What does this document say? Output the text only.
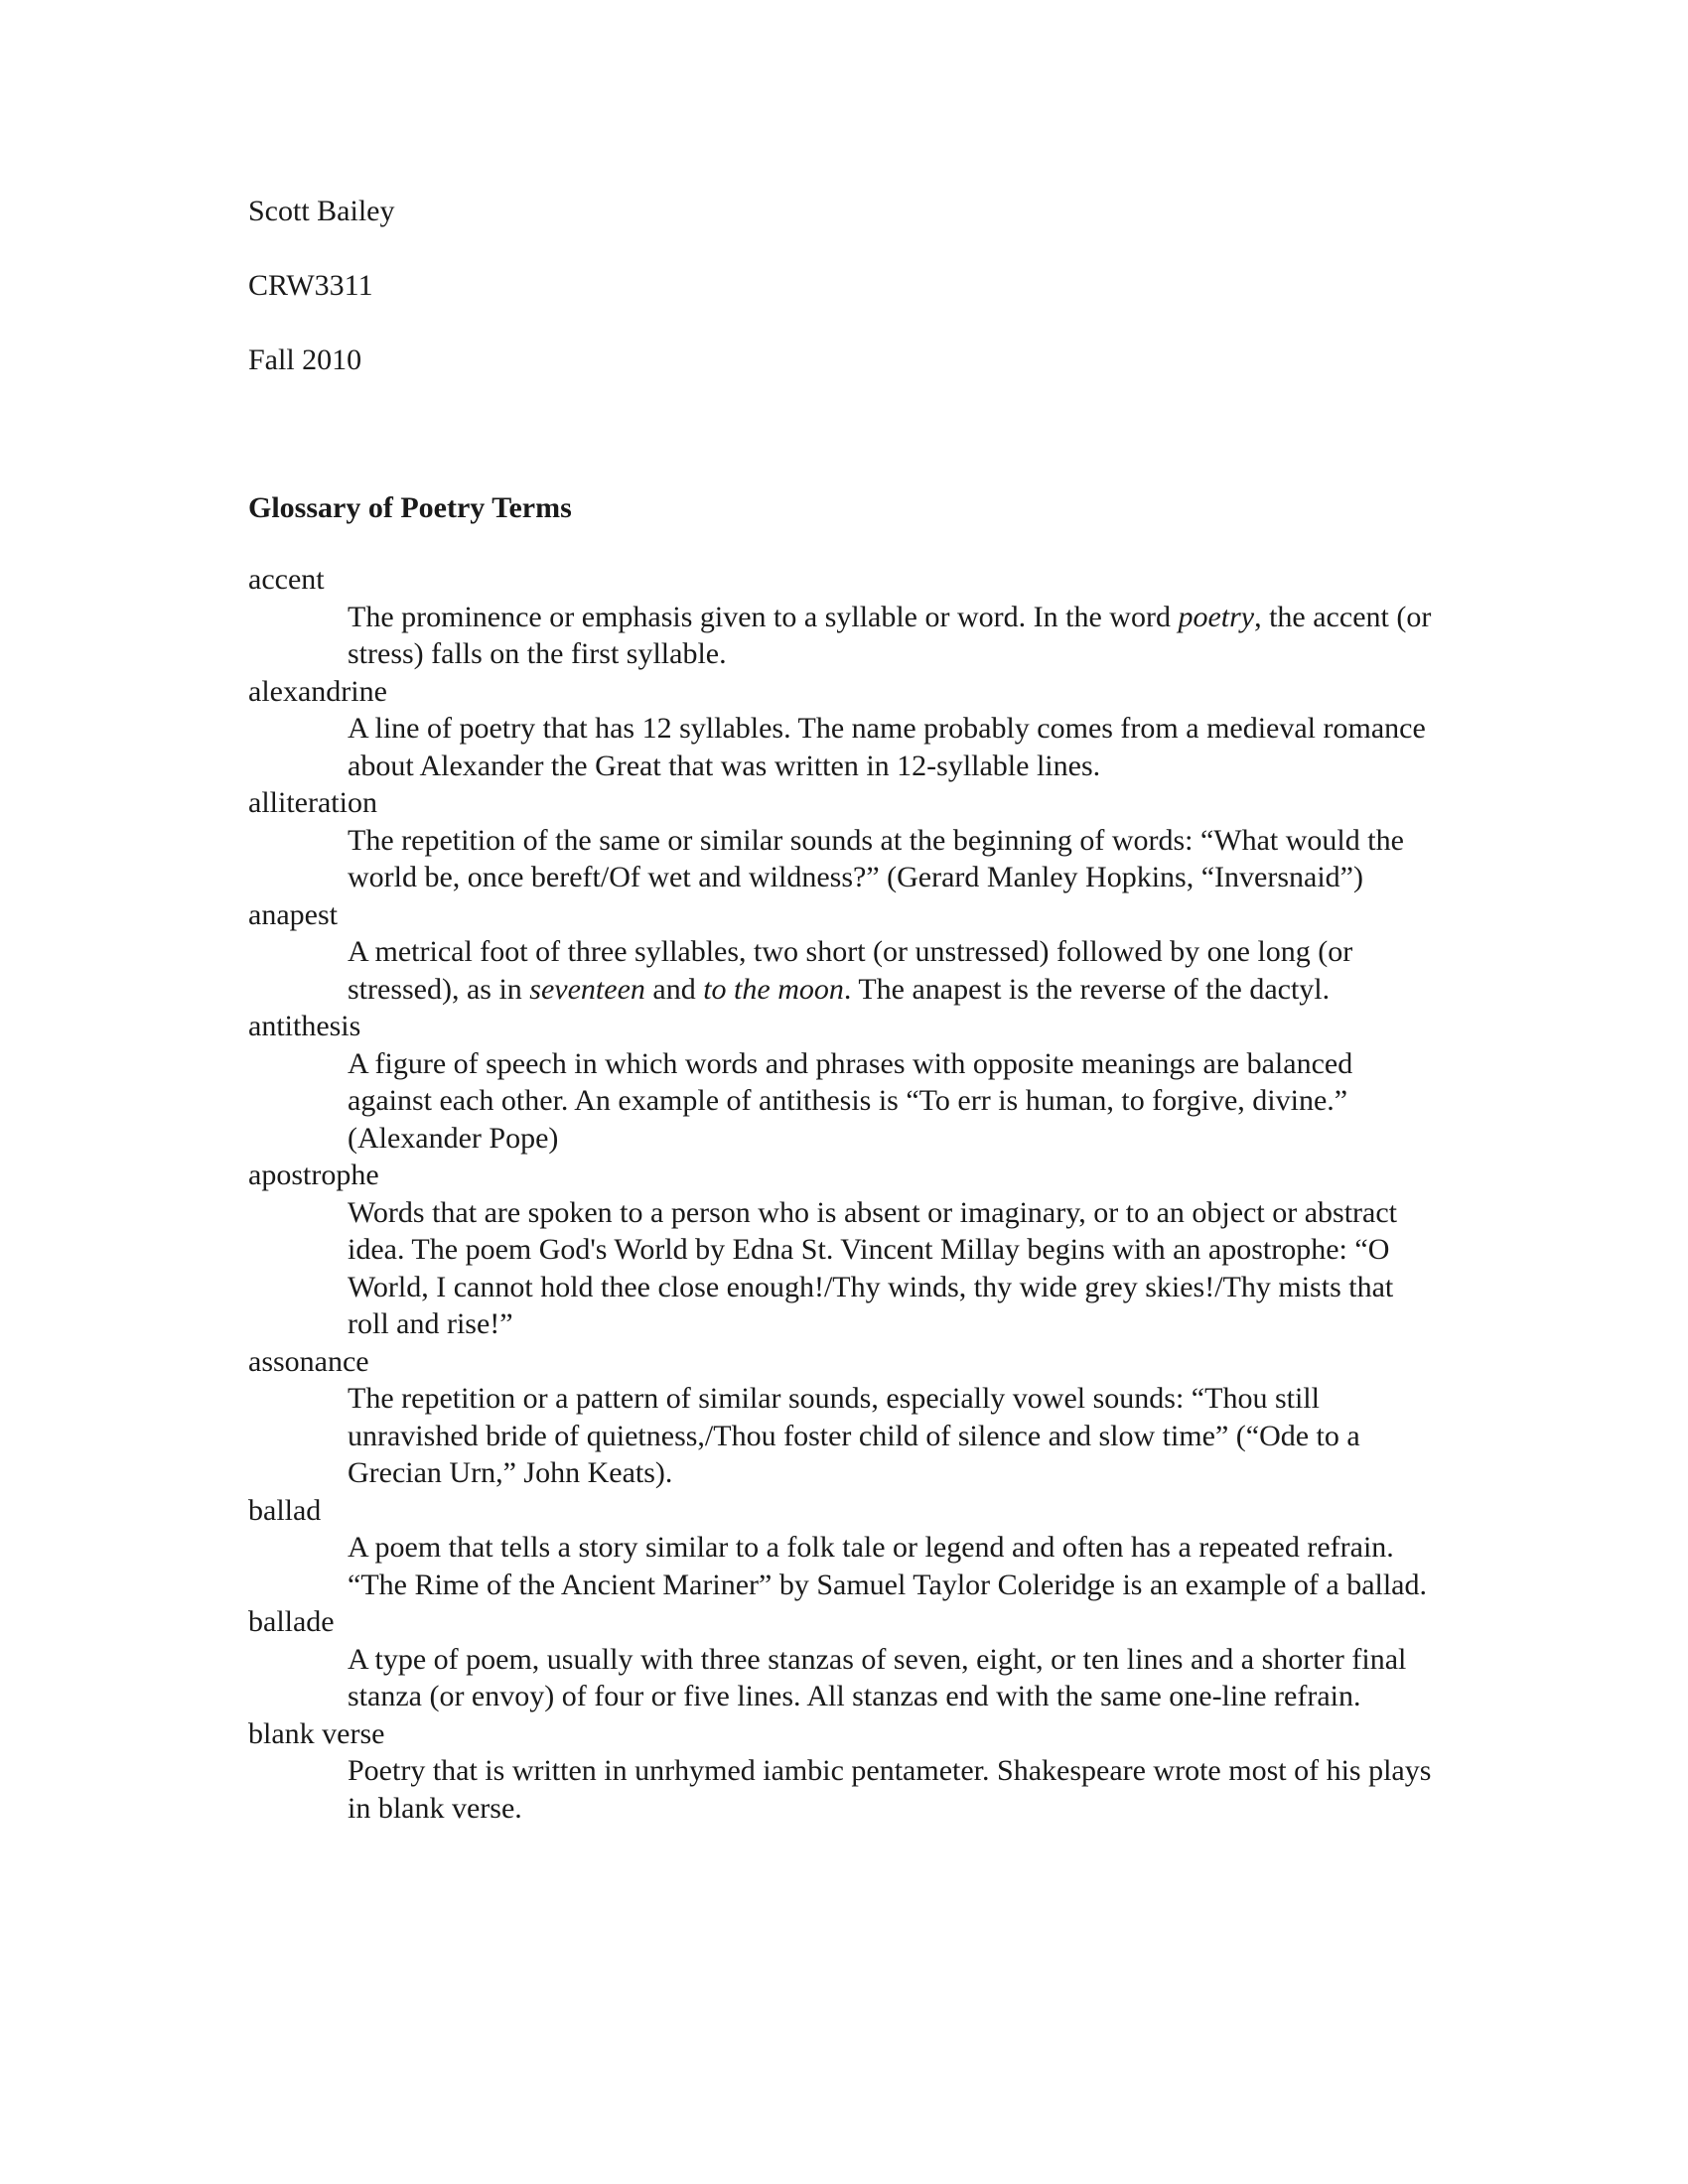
Scott Bailey
CRW3311
Fall 2010
Glossary of Poetry Terms
accent
The prominence or emphasis given to a syllable or word. In the word poetry, the accent (or stress) falls on the first syllable.
alexandrine
A line of poetry that has 12 syllables. The name probably comes from a medieval romance about Alexander the Great that was written in 12-syllable lines.
alliteration
The repetition of the same or similar sounds at the beginning of words: “What would the world be, once bereft/Of wet and wildness?” (Gerard Manley Hopkins, “Inversnaid”)
anapest
A metrical foot of three syllables, two short (or unstressed) followed by one long (or stressed), as in seventeen and to the moon. The anapest is the reverse of the dactyl.
antithesis
A figure of speech in which words and phrases with opposite meanings are balanced against each other. An example of antithesis is “To err is human, to forgive, divine.” (Alexander Pope)
apostrophe
Words that are spoken to a person who is absent or imaginary, or to an object or abstract idea. The poem God's World by Edna St. Vincent Millay begins with an apostrophe: “O World, I cannot hold thee close enough!/Thy winds, thy wide grey skies!/Thy mists that roll and rise!”
assonance
The repetition or a pattern of similar sounds, especially vowel sounds: “Thou still unravished bride of quietness,/Thou foster child of silence and slow time” (“Ode to a Grecian Urn,” John Keats).
ballad
A poem that tells a story similar to a folk tale or legend and often has a repeated refrain. “The Rime of the Ancient Mariner” by Samuel Taylor Coleridge is an example of a ballad.
ballade
A type of poem, usually with three stanzas of seven, eight, or ten lines and a shorter final stanza (or envoy) of four or five lines. All stanzas end with the same one-line refrain.
blank verse
Poetry that is written in unrhymed iambic pentameter. Shakespeare wrote most of his plays in blank verse.
